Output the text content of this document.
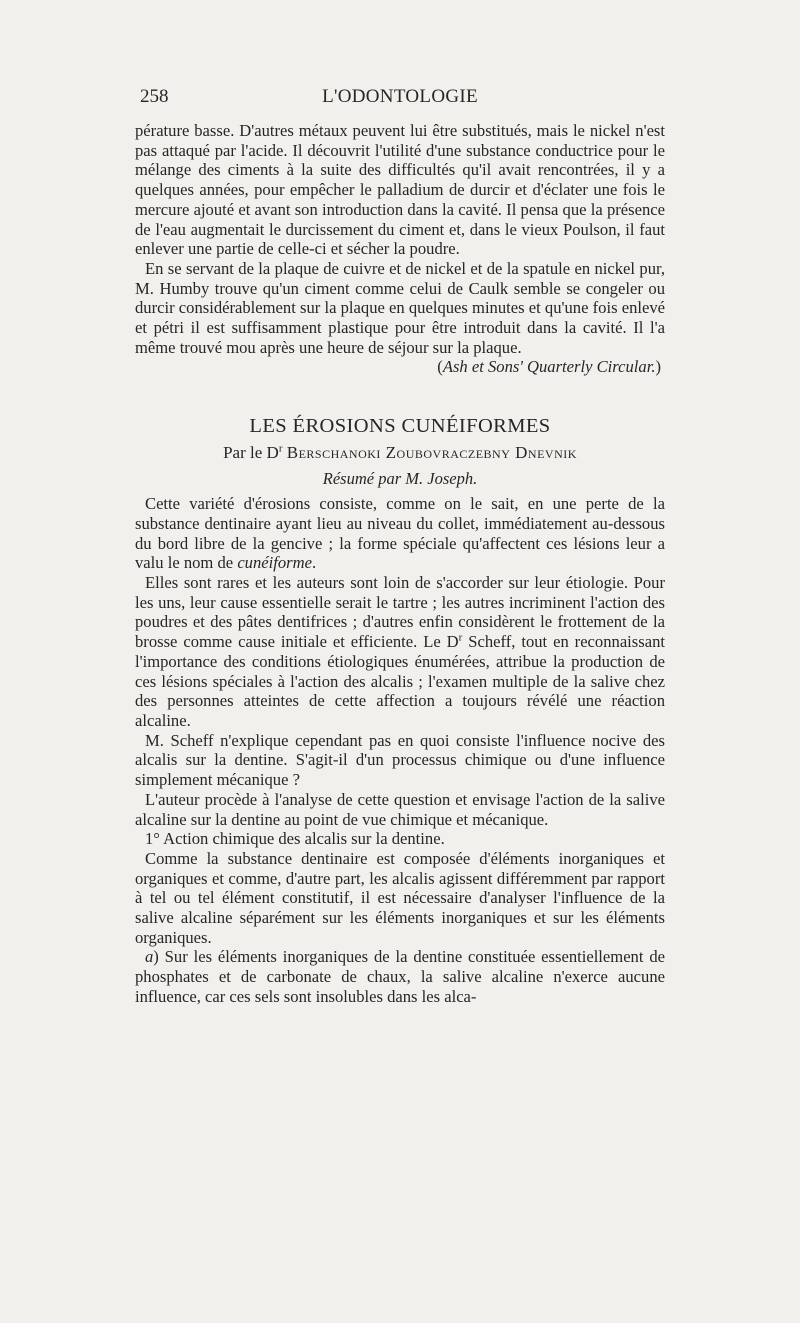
258	L'ODONTOLOGIE

pérature basse. D'autres métaux peuvent lui être substitués, mais le nickel n'est pas attaqué par l'acide. Il découvrit l'utilité d'une substance conductrice pour le mélange des ciments à la suite des difficultés qu'il avait rencontrées, il y a quelques années, pour empêcher le palladium de durcir et d'éclater une fois le mercure ajouté et avant son introduction dans la cavité. Il pensa que la présence de l'eau augmentait le durcissement du ciment et, dans le vieux Poulson, il faut enlever une partie de celle-ci et sécher la poudre.

En se servant de la plaque de cuivre et de nickel et de la spatule en nickel pur, M. Humby trouve qu'un ciment comme celui de Caulk semble se congeler ou durcir considérablement sur la plaque en quelques minutes et qu'une fois enlevé et pétri il est suffisamment plastique pour être introduit dans la cavité. Il l'a même trouvé mou après une heure de séjour sur la plaque.

(Ash et Sons' Quarterly Circular.)

LES ÉROSIONS CUNÉIFORMES
Par le $D^r$ Berschanoki Zoubovraczebny Dnevnik
Résumé par M. Joseph.

Cette variété d'érosions consiste, comme on le sait, en une perte de la substance dentinaire ayant lieu au niveau du collet, immédiatement au-dessous du bord libre de la gencive ; la forme spéciale qu'affectent ces lésions leur a valu le nom de cunéiforme.

Elles sont rares et les auteurs sont loin de s'accorder sur leur étiologie. Pour les uns, leur cause essentielle serait le tartre ; les autres incriminent l'action des poudres et des pâtes dentifrices ; d'autres enfin considèrent le frottement de la brosse comme cause initiale et efficiente. Le $D^r$ Scheff, tout en reconnaissant l'importance des conditions étiologiques énumérées, attribue la production de ces lésions spéciales à l'action des alcalis ; l'examen multiple de la salive chez des personnes atteintes de cette affection a toujours révélé une réaction alcaline.

M. Scheff n'explique cependant pas en quoi consiste l'influence nocive des alcalis sur la dentine. S'agit-il d'un processus chimique ou d'une influence simplement mécanique ?

L'auteur procède à l'analyse de cette question et envisage l'action de la salive alcaline sur la dentine au point de vue chimique et mécanique.

1° Action chimique des alcalis sur la dentine.

Comme la substance dentinaire est composée d'éléments inorganiques et organiques et comme, d'autre part, les alcalis agissent différemment par rapport à tel ou tel élément constitutif, il est nécessaire d'analyser l'influence de la salive alcaline séparément sur les éléments inorganiques et sur les éléments organiques.

a) Sur les éléments inorganiques de la dentine constituée essentiellement de phosphates et de carbonate de chaux, la salive alcaline n'exerce aucune influence, car ces sels sont insolubles dans les alca-
